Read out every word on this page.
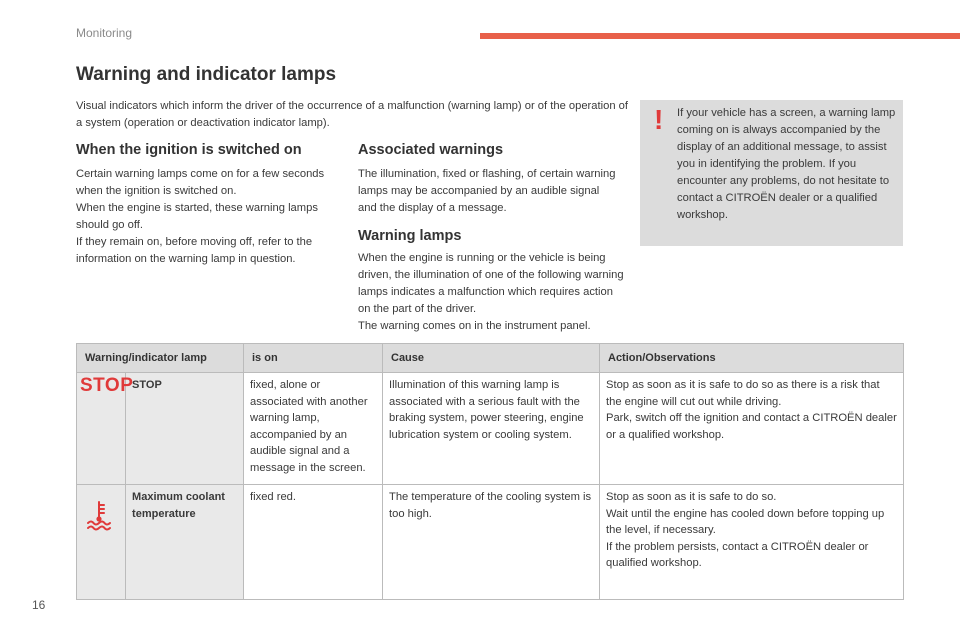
Monitoring
Warning and indicator lamps

Visual indicators which inform the driver of the occurrence of a malfunction (warning lamp) or of the operation of a system (operation or deactivation indicator lamp).

When the ignition is switched on

Certain warning lamps come on for a few seconds when the ignition is switched on.
When the engine is started, these warning lamps should go off.
If they remain on, before moving off, refer to the information on the warning lamp in question.

Associated warnings

The illumination, fixed or flashing, of certain warning lamps may be accompanied by an audible signal and the display of a message.

Warning lamps

When the engine is running or the vehicle is being driven, the illumination of one of the following warning lamps indicates a malfunction which requires action on the part of the driver.
The warning comes on in the instrument panel.

! If your vehicle has a screen, a warning lamp coming on is always accompanied by the display of an additional message, to assist you in identifying the problem. If you encounter any problems, do not hesitate to contact a CITROËN dealer or a qualified workshop.

Warning/indicator lamp		is on	Cause	Action/Observations

STOP	STOP	fixed, alone or associated with another warning lamp, accompanied by an audible signal and a message in the screen.	Illumination of this warning lamp is associated with a serious fault with the braking system, power steering, engine lubrication system or cooling system.	Stop as soon as it is safe to do so as there is a risk that the engine will cut out while driving.
Park, switch off the ignition and contact a CITROËN dealer or a qualified workshop.

	Maximum coolant temperature	fixed red.	The temperature of the cooling system is too high.	Stop as soon as it is safe to do so.
Wait until the engine has cooled down before topping up the level, if necessary.
If the problem persists, contact a CITROËN dealer or qualified workshop.
16
